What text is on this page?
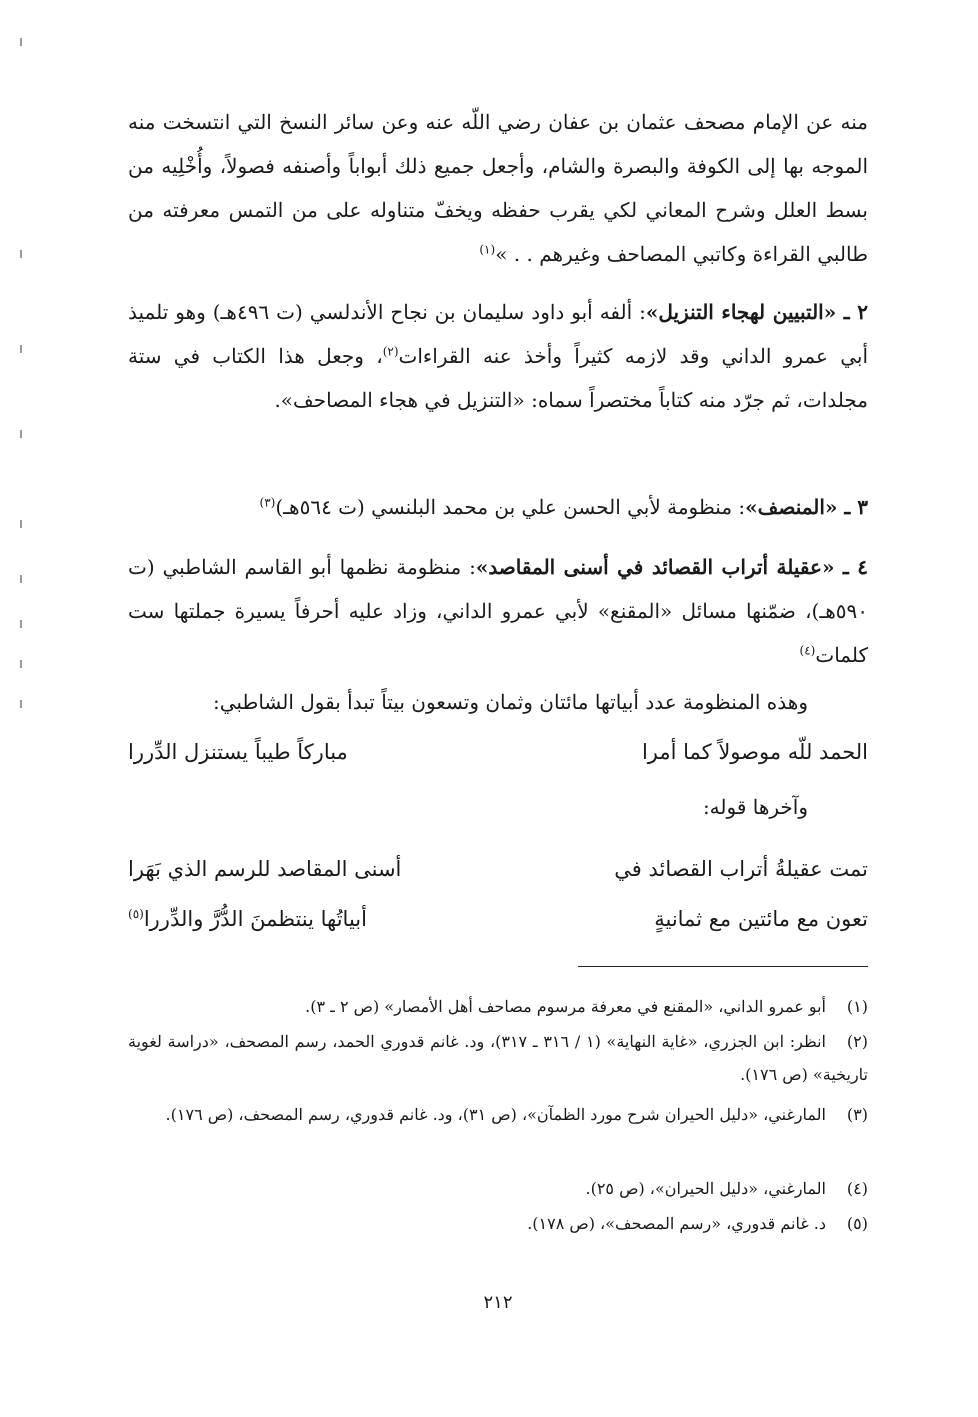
منه عن الإمام مصحف عثمان بن عفان رضي اللّه عنه وعن سائر النسخ التي انتسخت منه الموجه بها إلى الكوفة والبصرة والشام، وأجعل جميع ذلك أبواباً وأصنفه فصولاً، وأُخْلِيه من بسط العلل وشرح المعاني لكي يقرب حفظه ويخفّ متناوله على من التمس معرفته من طالبي القراءة وكاتبي المصاحف وغيرهم . . »$^{(١)}$

٢ ـ «التبيين لهجاء التنزيل»: ألفه أبو داود سليمان بن نجاح الأندلسي (ت ٤٩٦هـ) وهو تلميذ أبي عمرو الداني وقد لازمه كثيراً وأخذ عنه القراءات$^{(٢)}$، وجعل هذا الكتاب في ستة مجلدات، ثم جرّد منه كتاباً مختصراً سماه: «التنزيل في هجاء المصاحف».

٣ ـ «المنصف»: منظومة لأبي الحسن علي بن محمد البلنسي (ت ٥٦٤هـ)$^{(٣)}$

٤ ـ «عقيلة أتراب القصائد في أسنى المقاصد»: منظومة نظمها أبو القاسم الشاطبي (ت ٥٩٠هـ)، ضمّنها مسائل «المقنع» لأبي عمرو الداني، وزاد عليه أحرفاً يسيرة جملتها ست كلمات$^{(٤)}$

وهذه المنظومة عدد أبياتها مائتان وثمان وتسعون بيتاً تبدأ بقول الشاطبي:

الحمد للّه موصولاً كما أمرا
مباركاً طيباً يستنزل الدِّررا

وآخرها قوله:

تمت عقيلةُ أتراب القصائد في
أسنى المقاصد للرسم الذي بَهَرا
تعون مع مائتين مع ثمانيةٍ
أبياتُها ينتظمنَ الدُّرَّ والدِّررا$^{(٥)}$
(١)أبو عمرو الداني، «المقنع في معرفة مرسوم مصاحف أهل الأمصار» (ص ٢ ـ ٣).
(٢)انظر: ابن الجزري، «غاية النهاية» (١ / ٣١٦ ـ ٣١٧)، ود. غانم قدوري الحمد، رسم المصحف، «دراسة لغوية تاريخية» (ص ١٧٦).
(٣)المارغني، «دليل الحيران شرح مورد الظمآن»، (ص ٣١)، ود. غانم قدوري، رسم المصحف، (ص ١٧٦).
(٤)المارغني، «دليل الحيران»، (ص ٢٥).
(٥)د. غانم قدوري، «رسم المصحف»، (ص ١٧٨).
٢١٢
